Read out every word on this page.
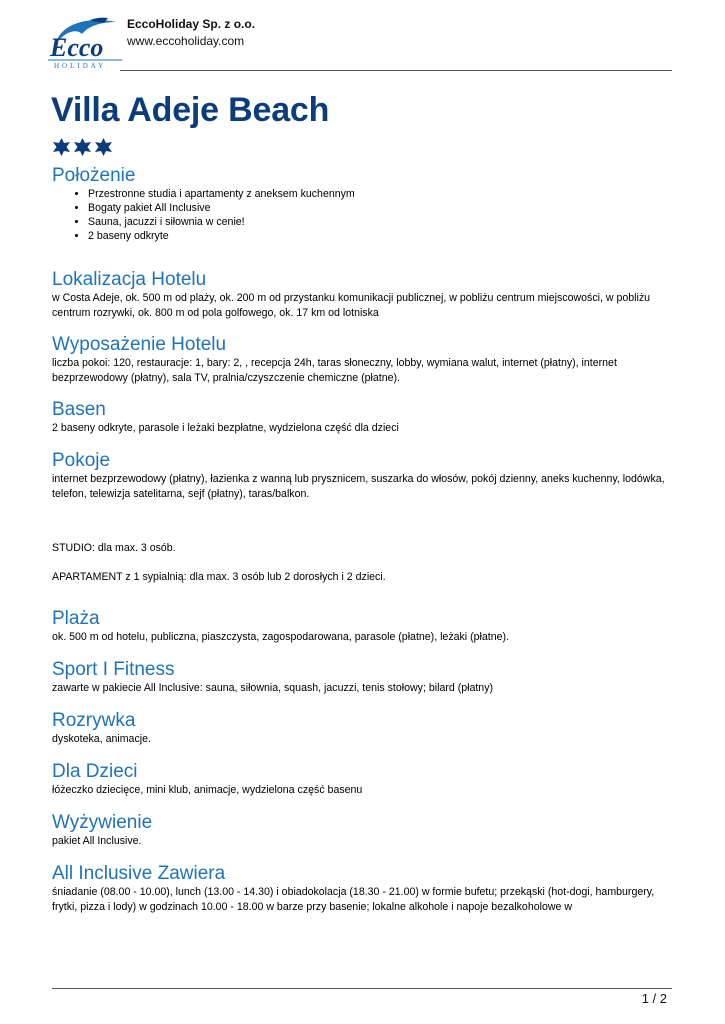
Ecco
HOLIDAY
EccoHoliday Sp. z o.o.
www.eccoholiday.com
Villa Adeje Beach
Położenie
• Przestronne studia i apartamenty z aneksem kuchennym
• Bogaty pakiet All Inclusive
• Sauna, jacuzzi i siłownia w cenie!
• 2 baseny odkryte
Lokalizacja Hotelu

w Costa Adeje, ok. 500 m od plaży, ok. 200 m od przystanku komunikacji publicznej, w pobliżu centrum miejscowości, w pobliżu centrum rozrywki, ok. 800 m od pola golfowego, ok. 17 km od lotniska

Wyposażenie Hotelu

liczba pokoi: 120, restauracje: 1, bary: 2, , recepcja 24h, taras słoneczny, lobby, wymiana walut, internet (płatny), internet bezprzewodowy (płatny), sala TV, pralnia/czyszczenie chemiczne (płatne).

Basen

2 baseny odkryte, parasole i leżaki bezpłatne, wydzielona część dla dzieci

Pokoje

internet bezprzewodowy (płatny), łazienka z wanną lub prysznicem, suszarka do włosów, pokój dzienny, aneks kuchenny, lodówka, telefon, telewizja satelitarna, sejf (płatny), taras/balkon.

STUDIO: dla max. 3 osób.

APARTAMENT z 1 sypialnią: dla max. 3 osób lub 2 dorosłych i 2 dzieci.

Plaża

ok. 500 m od hotelu, publiczna, piaszczysta, zagospodarowana, parasole (płatne), leżaki (płatne).

Sport I Fitness

zawarte w pakiecie All Inclusive: sauna, siłownia, squash, jacuzzi, tenis stołowy; bilard (płatny)

Rozrywka

dyskoteka, animacje.

Dla Dzieci

łóżeczko dziecięce, mini klub, animacje, wydzielona część basenu

Wyżywienie

pakiet All Inclusive.

All Inclusive Zawiera

śniadanie (08.00 - 10.00), lunch (13.00 - 14.30) i obiadokolacja (18.30 - 21.00) w formie bufetu; przekąski (hot-dogi, hamburgery, frytki, pizza i lody) w godzinach 10.00 - 18.00 w barze przy basenie; lokalne alkohole i napoje bezalkoholowe w

1 / 2
